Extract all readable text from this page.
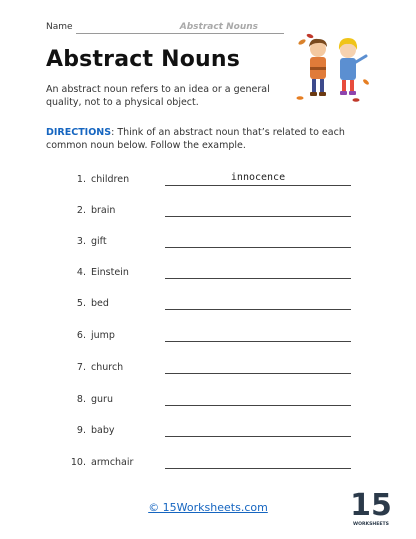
Name	Abstract Nouns
Abstract Nouns
An abstract noun refers to an idea or a general quality, not to a physical object.
DIRECTIONS: Think of an abstract noun that’s related to each common noun below. Follow the example.
1. children	innocence
2. brain
3. gift
4. Einstein
5. bed
6. jump
7. church
8. guru
9. baby
10. armchair
© 15Worksheets.com	15
WORKSHEETS
